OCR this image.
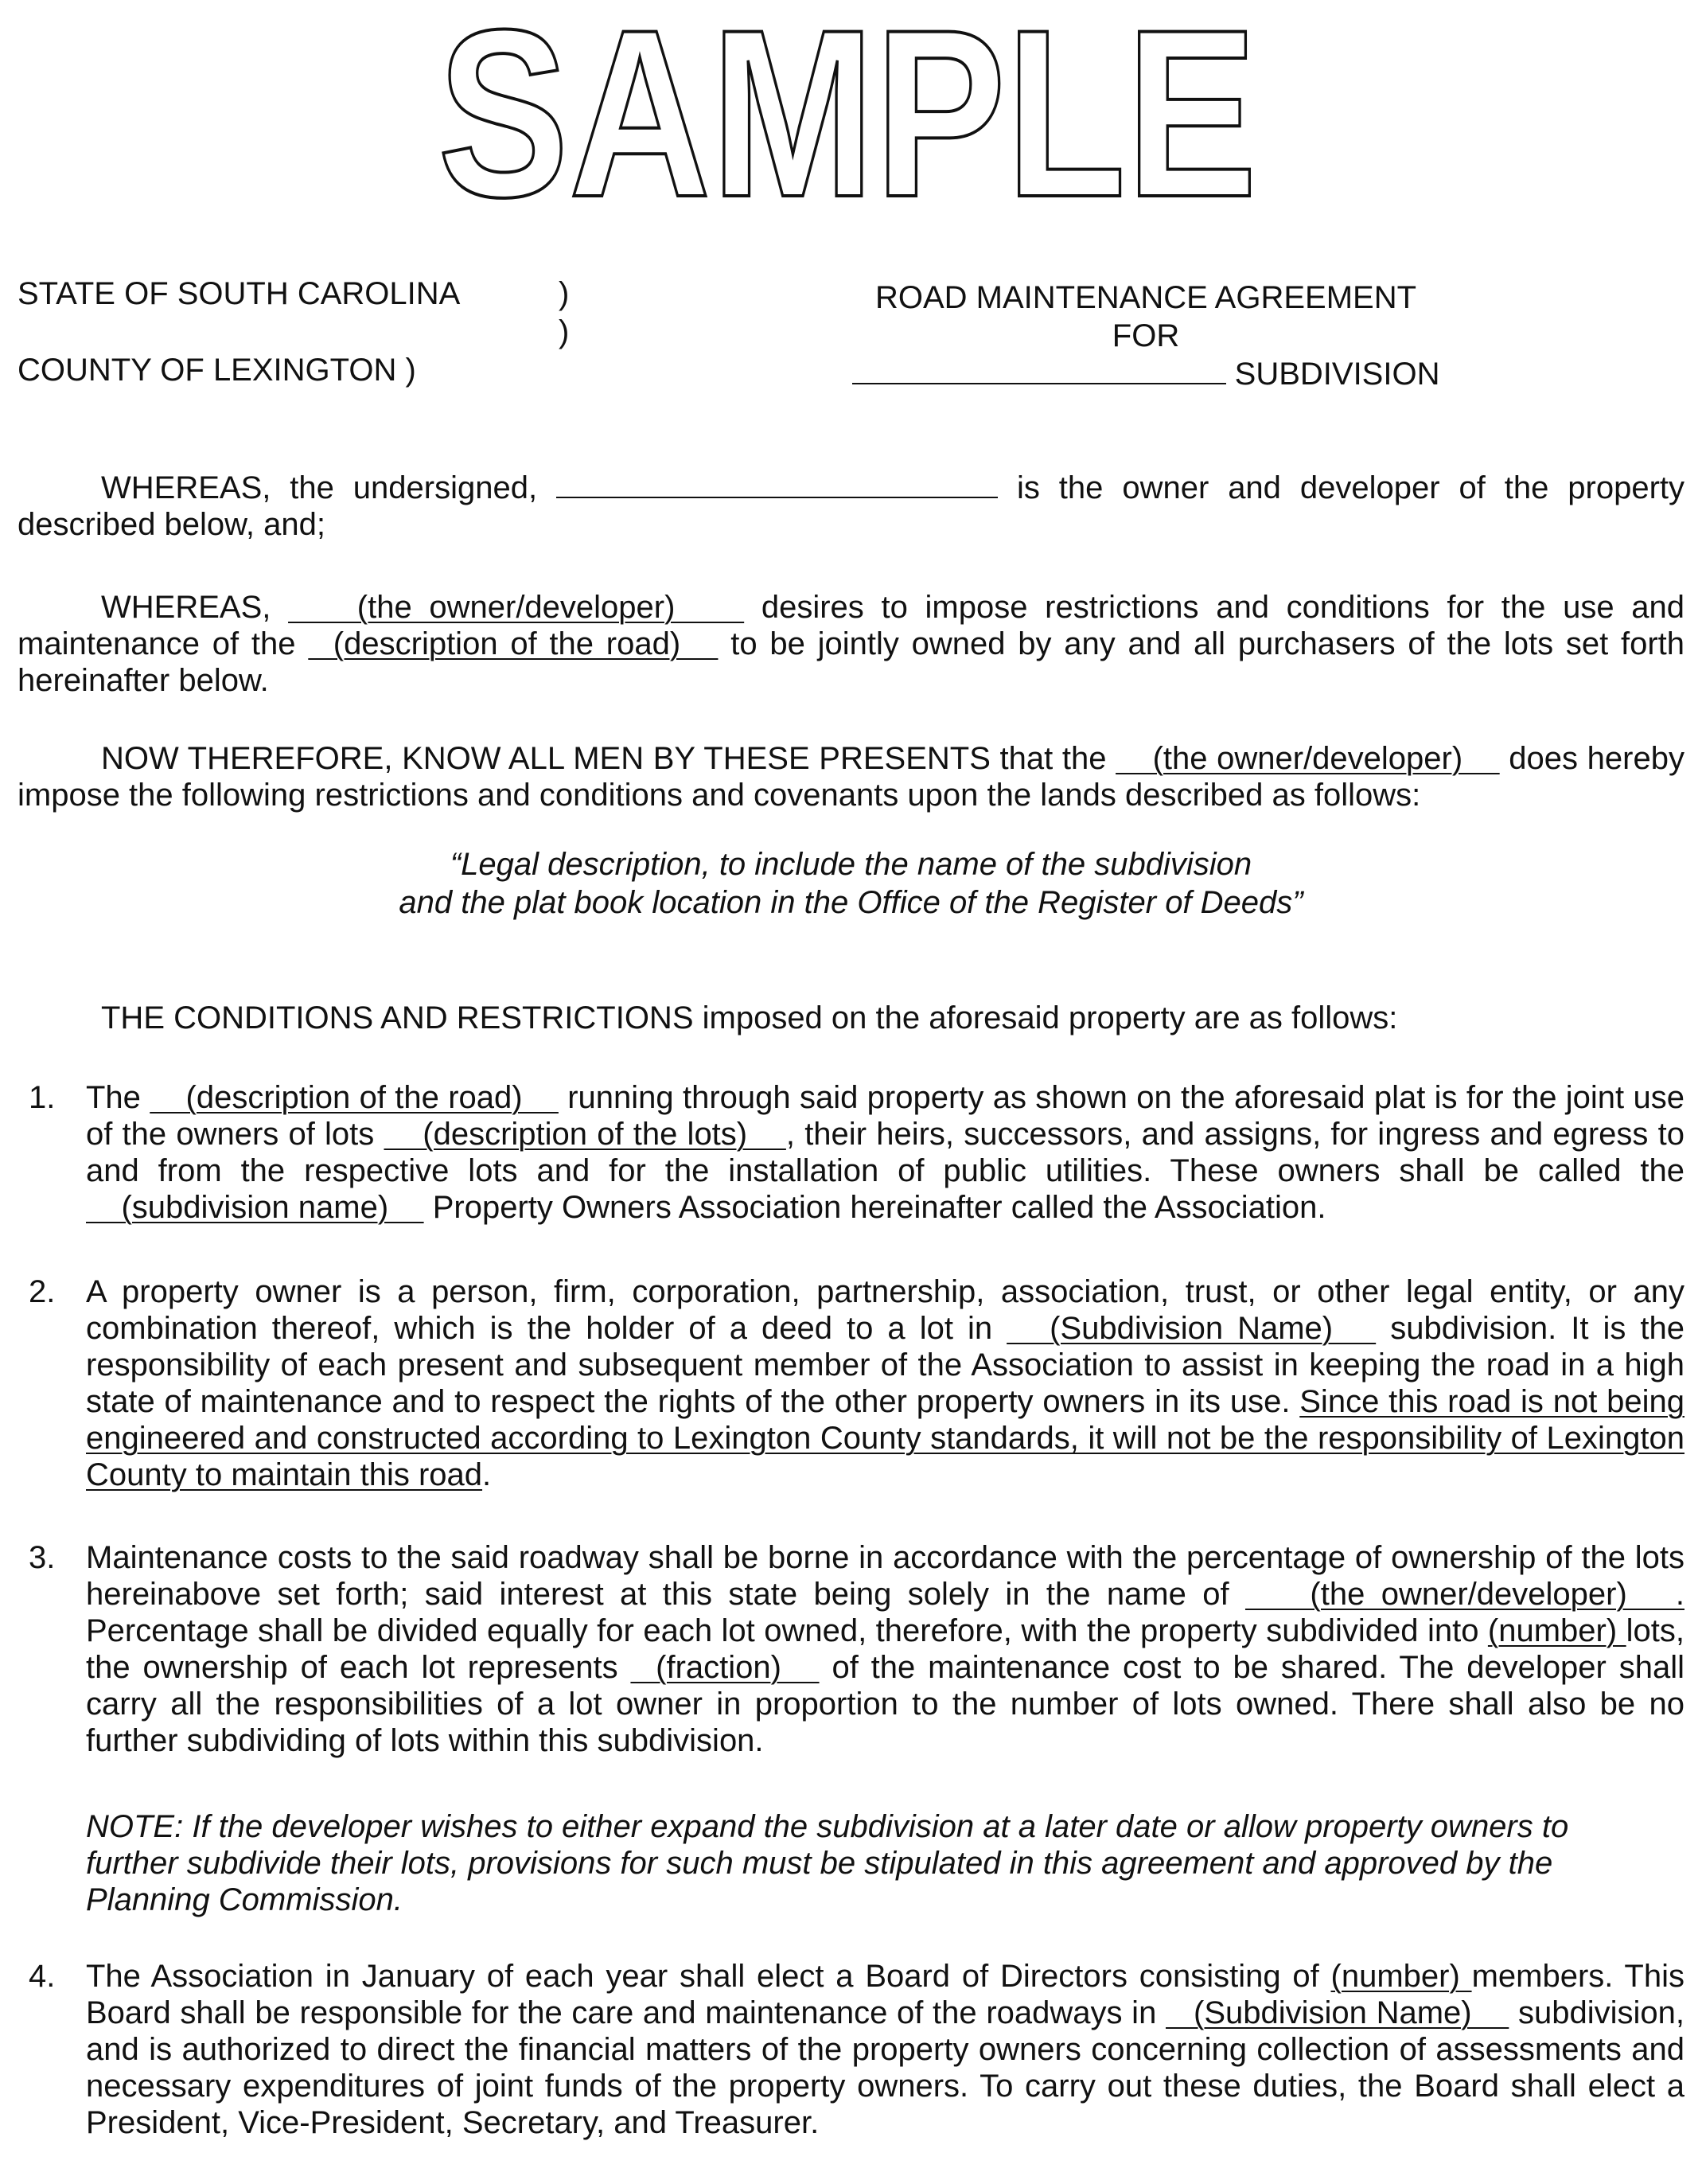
SAMPLE
STATE OF SOUTH CAROLINA	)
)
COUNTY OF LEXINGTON )
ROAD MAINTENANCE AGREEMENT
FOR
SUBDIVISION

WHEREAS, the undersigned,	is the owner and developer of the property described below, and;

WHEREAS,     (the owner/developer)     desires to impose restrictions and conditions for the use and maintenance of the   (description of the road)    to be jointly owned by any and all purchasers of the lots set forth hereinafter below.

NOW THEREFORE, KNOW ALL MEN BY THESE PRESENTS that the     (the owner/developer)     does hereby impose the following restrictions and conditions and covenants upon the lands described as follows:

“Legal description, to include the name of the subdivision
and the plat book location in the Office of the Register of Deeds”

THE CONDITIONS AND RESTRICTIONS imposed on the aforesaid property are as follows:

1. The     (description of the road)     running through said property as shown on the aforesaid plat is for the joint use of the owners of lots     (description of the lots)    , their heirs, successors, and assigns, for ingress and egress to and from the respective lots and for the installation of public utilities. These owners shall be called the     (subdivision name)     Property Owners Association hereinafter called the Association.
2. A property owner is a person, firm, corporation, partnership, association, trust, or other legal entity, or any combination thereof, which is the holder of a deed to a lot in    (Subdivision Name)    subdivision. It is the responsibility of each present and subsequent member of the Association to assist in keeping the road in a high state of maintenance and to respect the rights of the other property owners in its use. Since this road is not being engineered and constructed according to Lexington County standards, it will not be the responsibility of Lexington County to maintain this road.
3. Maintenance costs to the said roadway shall be borne in accordance with the percentage of ownership of the lots hereinabove set forth; said interest at this state being solely in the name of     (the owner/developer)   . Percentage shall be divided equally for each lot owned, therefore, with the property subdivided into (number) lots, the ownership of each lot represents   (fraction)    of the maintenance cost to be shared. The developer shall carry all the responsibilities of a lot owner in proportion to the number of lots owned. There shall also be no further subdividing of lots within this subdivision.
NOTE: If the developer wishes to either expand the subdivision at a later date or allow property owners to further subdivide their lots, provisions for such must be stipulated in this agreement and approved by the Planning Commission.
4. The Association in January of each year shall elect a Board of Directors consisting of (number) members. This Board shall be responsible for the care and maintenance of the roadways in    (Subdivision Name)     subdivision, and is authorized to direct the financial matters of the property owners concerning collection of assessments and necessary expenditures of joint funds of the property owners. To carry out these duties, the Board shall elect a President, Vice-President, Secretary, and Treasurer.
